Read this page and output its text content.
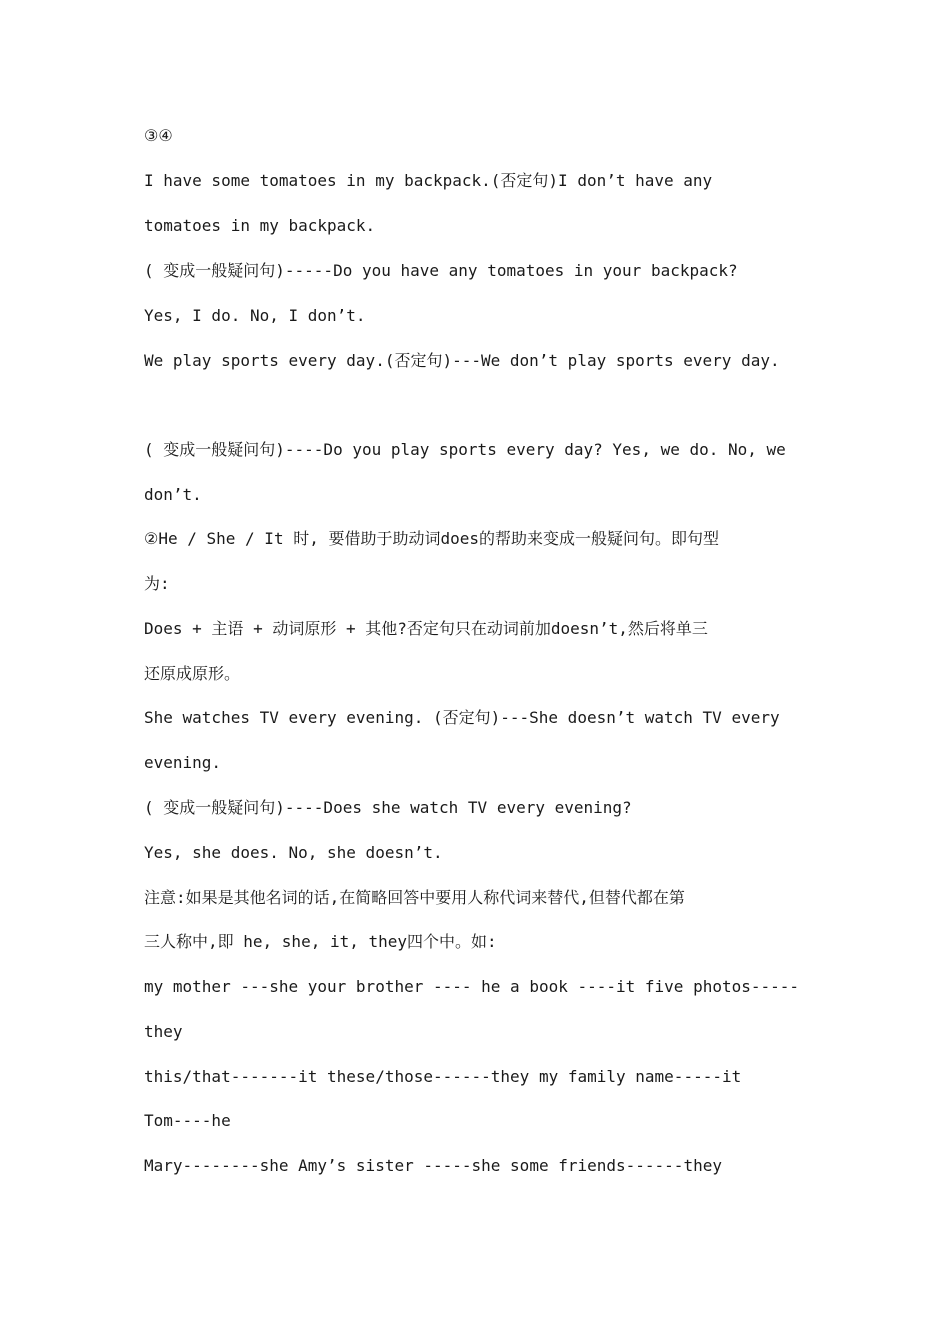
③④

I have some tomatoes in my backpack.(否定句)I don’t have any

tomatoes in my backpack.

( 变成一般疑问句)-----Do you have any tomatoes in your backpack?

Yes, I do. No, I don’t.

We play sports every day.(否定句)---We don’t play sports every day.

( 变成一般疑问句)----Do you play sports every day? Yes, we do. No, we

don’t.

②He / She / It 时, 要借助于助动词does的帮助来变成一般疑问句。即句型

为:

Does + 主语 + 动词原形 + 其他?否定句只在动词前加doesn’t,然后将单三

还原成原形。

She watches TV every evening. (否定句)---She doesn’t watch TV every

evening.

( 变成一般疑问句)----Does she watch TV every evening?

Yes, she does. No, she doesn’t.

注意:如果是其他名词的话,在简略回答中要用人称代词来替代,但替代都在第

三人称中,即 he, she, it, they四个中。如:

my mother ---she your brother ---- he a book ----it five photos-----

they

this/that-------it these/those------they my family name-----it

Tom----he

Mary--------she Amy’s sister -----she some friends------they
